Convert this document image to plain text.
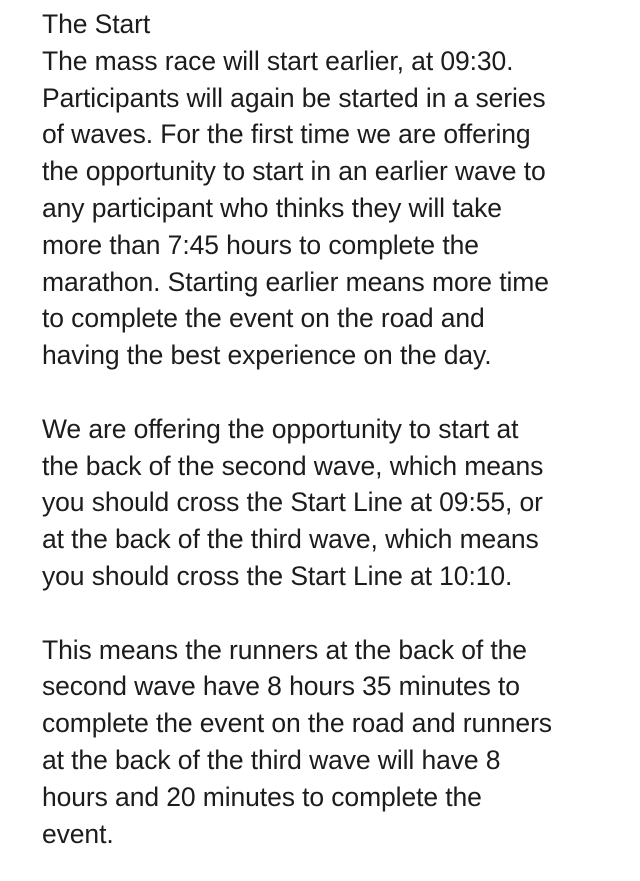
The Start
The mass race will start earlier, at 09:30.
Participants will again be started in a series
of waves. For the first time we are offering
the opportunity to start in an earlier wave to
any participant who thinks they will take
more than 7:45 hours to complete the
marathon. Starting earlier means more time
to complete the event on the road and
having the best experience on the day.
We are offering the opportunity to start at
the back of the second wave, which means
you should cross the Start Line at 09:55, or
at the back of the third wave, which means
you should cross the Start Line at 10:10.
This means the runners at the back of the
second wave have 8 hours 35 minutes to
complete the event on the road and runners
at the back of the third wave will have 8
hours and 20 minutes to complete the
event.
